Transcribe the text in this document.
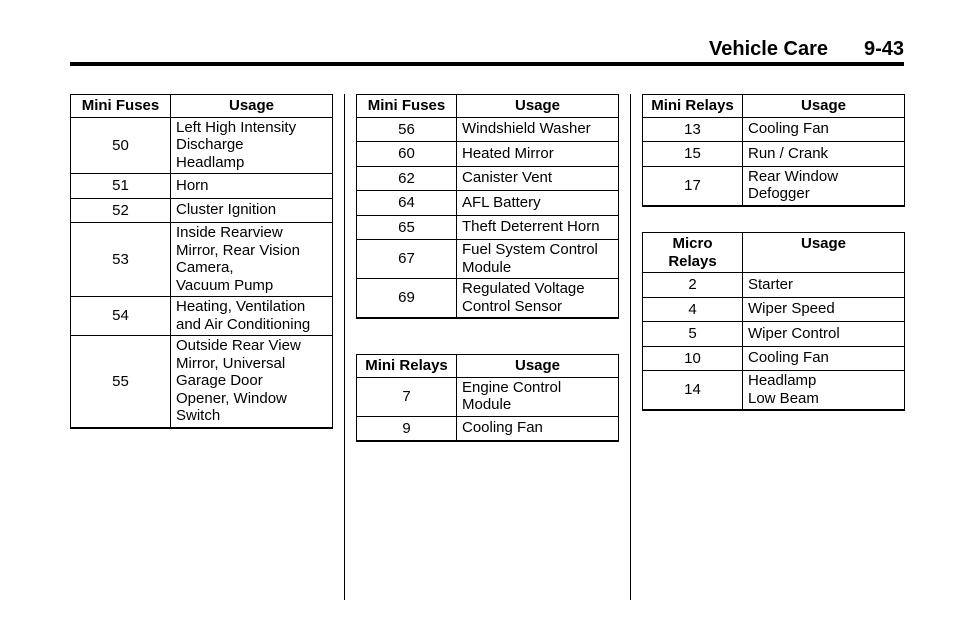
Vehicle Care 9-43
Mini Fuses	Usage
50	Left High Intensity
Discharge
Headlamp

51	Horn

52	Cluster Ignition

53	Inside Rearview
Mirror, Rear Vision
Camera,
Vacuum Pump

54	Heating, Ventilation
and Air Conditioning

55	Outside Rear View
Mirror, Universal
Garage Door
Opener, Window
Switch
Mini Fuses	Usage
56	Windshield Washer

60	Heated Mirror

62	Canister Vent

64	AFL Battery

65	Theft Deterrent Horn

67	Fuel System Control
Module

69	Regulated Voltage
Control Sensor
Mini Relays	Usage
7	Engine Control
Module

9	Cooling Fan
Mini Relays	Usage
13	Cooling Fan

15	Run / Crank

17	Rear Window
Defogger
Micro
Relays	Usage
2	Starter

4	Wiper Speed

5	Wiper Control

10	Cooling Fan

14	Headlamp
Low Beam
